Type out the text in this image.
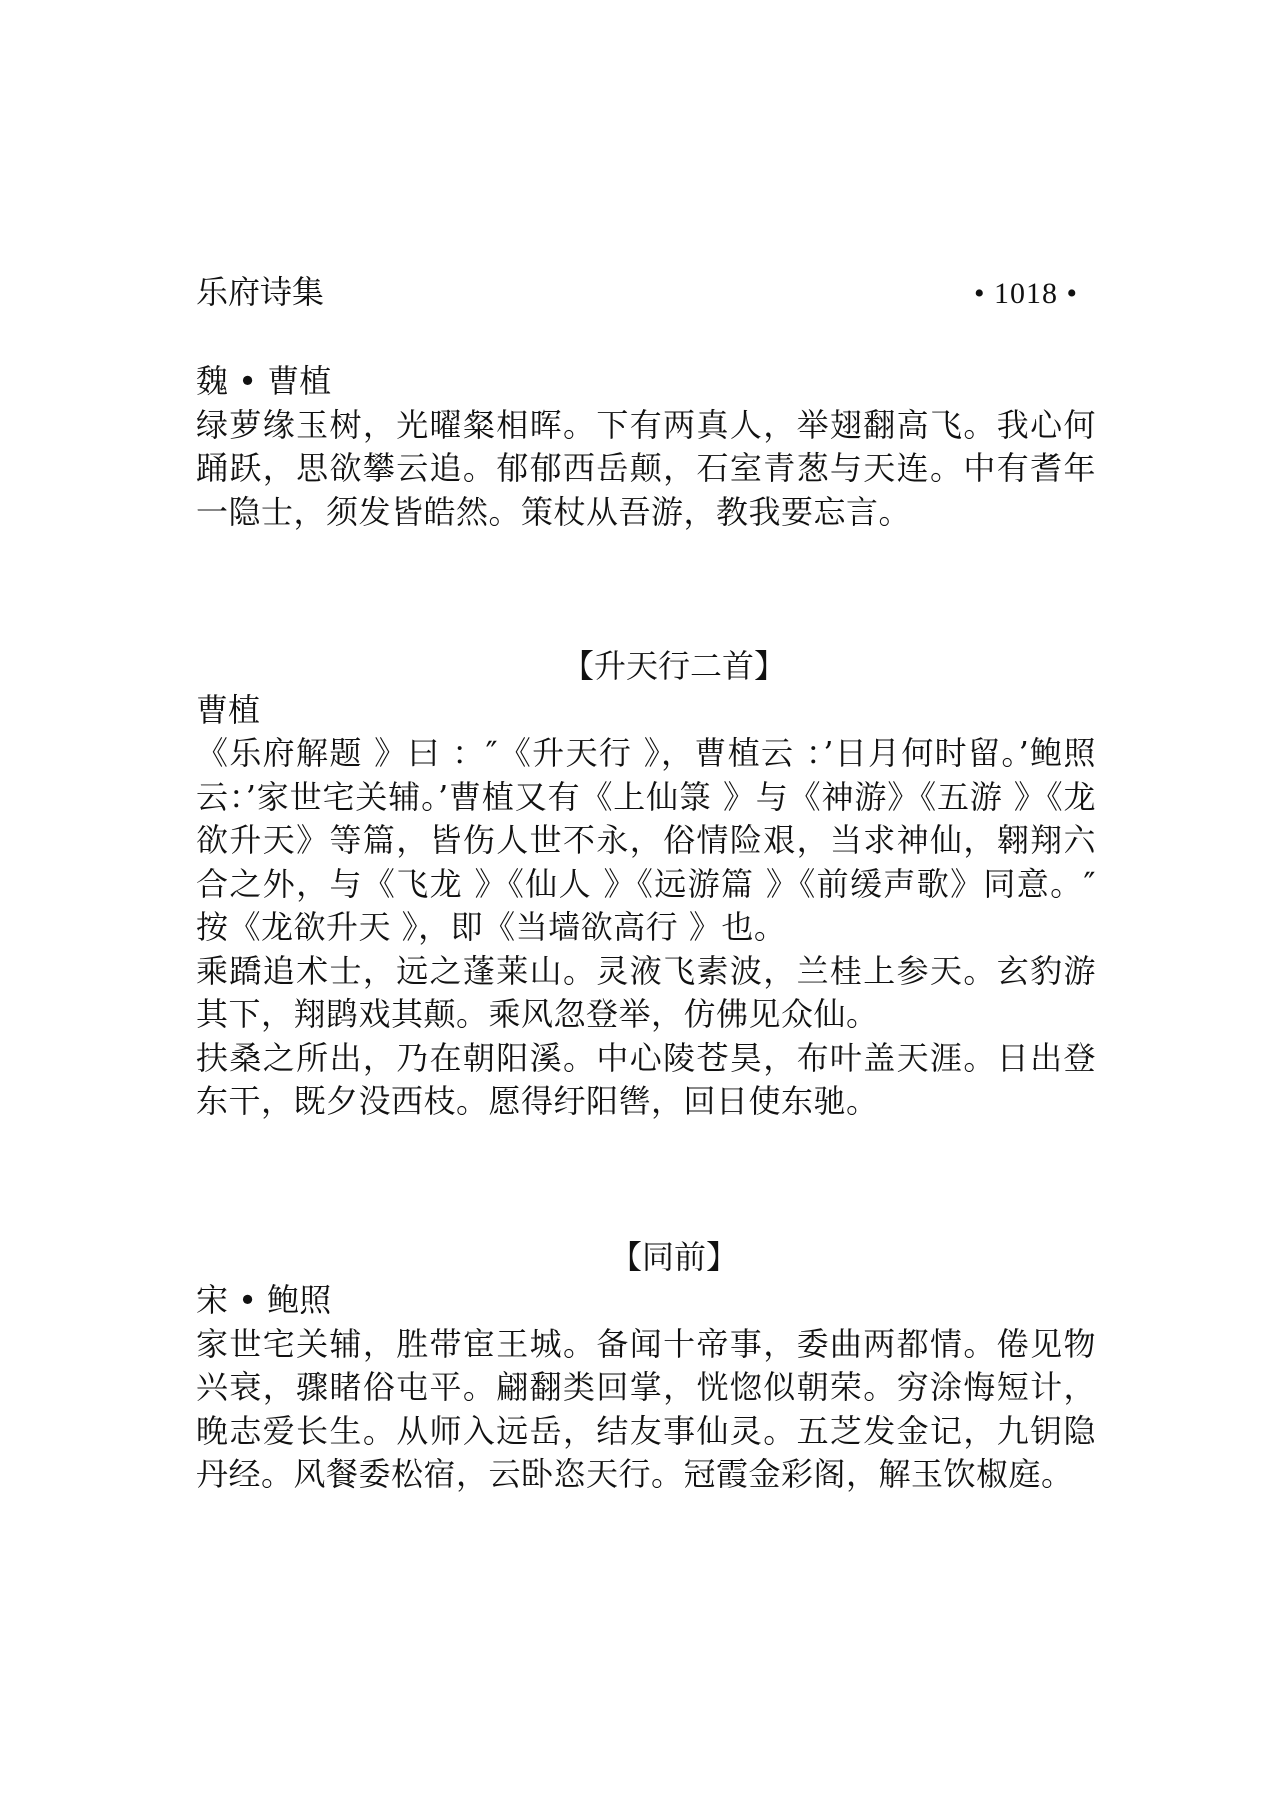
乐府诗集	• 1018 •
魏 • 曹植
绿萝缘玉树，光曜粲相晖。下有两真人，举翅翻高飞。我心何踊跃，思欲攀云追。郁郁西岳颠，石室青葱与天连。中有耆年一隐士，须发皆皓然。策杖从吾游，教我要忘言。
【升天行二首】
曹植
《乐府解题 》曰 ：″《升天行 》，曹植云 ：’日月何时留。’鲍照云：’家世宅关辅。’曹植又有《上仙箓 》与《神游》《五游 》《龙欲升天》等篇，皆伤人世不永，俗情险艰，当求神仙，翱翔六合之外，与《飞龙 》《仙人 》《远游篇 》《前缓声歌》同意。″按《龙欲升天 》，即《当墙欲高行 》也。
乘蹻追术士，远之蓬莱山。灵液飞素波，兰桂上参天。玄豹游其下，翔鹍戏其颠。乘风忽登举，仿佛见众仙。
扶桑之所出，乃在朝阳溪。中心陵苍昊，布叶盖天涯。日出登东干，既夕没西枝。愿得纡阳辔，回日使东驰。
【同前】
宋 • 鲍照
家世宅关辅，胜带宦王城。备闻十帝事，委曲两都情。倦见物兴衰，骤睹俗屯平。翩翻类回掌，恍惚似朝荣。穷涂悔短计，晚志爱长生。从师入远岳，结友事仙灵。五芝发金记，九钥隐丹经。风餐委松宿，云卧恣天行。冠霞金彩阁，解玉饮椒庭。
